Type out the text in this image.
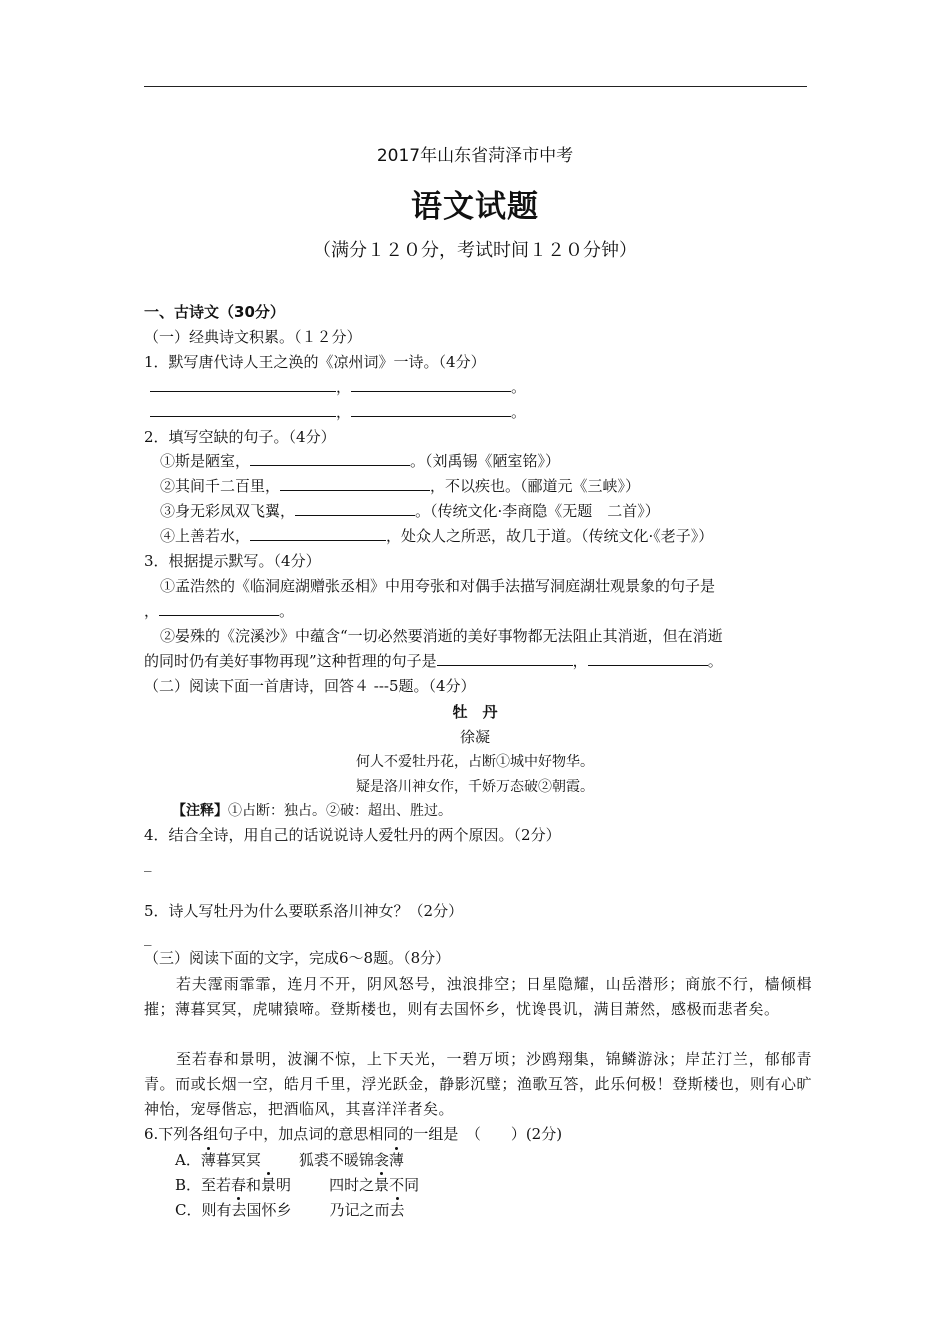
2017年山东省菏泽市中考
语文试题
（满分１２０分，考试时间１２０分钟）
一、古诗文（30分）
（一）经典诗文积累。（１２分）
1．默写唐代诗人王之涣的《凉州词》一诗。（4分）
，	。
，	。
2．填写空缺的句子。（4分）
①斯是陋室，	。（刘禹锡《陋室铭》）
②其间千二百里，	，不以疾也。（郦道元《三峡》）
③身无彩凤双飞翼，	。（传统文化·李商隐《无题　二首》）
④上善若水，	，处众人之所恶，故几于道。（传统文化·《老子》）
3．根据提示默写。（4分）
①孟浩然的《临洞庭湖赠张丞相》中用夸张和对偶手法描写洞庭湖壮观景象的句子是
，	。
②晏殊的《浣溪沙》中蕴含“一切必然要消逝的美好事物都无法阻止其消逝，但在消逝
的同时仍有美好事物再现”这种哲理的句子是	，	。
（二）阅读下面一首唐诗，回答４ ---5题。（4分）
牡　丹
徐凝
何人不爱牡丹花，占断①城中好物华。
疑是洛川神女作，千娇万态破②朝霞。
【注释】①占断：独占。②破：超出、胜过。
4．结合全诗，用自己的话说说诗人爱牡丹的两个原因。（2分）
_
5．诗人写牡丹为什么要联系洛川神女？（2分）
_
（三）阅读下面的文字，完成6～8题。（8分）
若夫霪雨霏霏，连月不开，阴风怒号，浊浪排空；日星隐耀，山岳潜形；商旅不行，樯倾楫摧；薄暮冥冥，虎啸猿啼。登斯楼也，则有去国怀乡，忧谗畏讥，满目萧然，感极而悲者矣。
至若春和景明，波澜不惊，上下天光，一碧万顷；沙鸥翔集，锦鳞游泳；岸芷汀兰，郁郁青青。而或长烟一空，皓月千里，浮光跃金，静影沉璧；渔歌互答，此乐何极！登斯楼也，则有心旷神怡，宠辱偕忘，把酒临风，其喜洋洋者矣。
6.下列各组句子中，加点词的意思相同的一组是　（　　）(2分)
A．薄暮冥冥	狐裘不暖锦衾薄
B．至若春和景明	四时之景不同
C．则有去国怀乡	乃记之而去
